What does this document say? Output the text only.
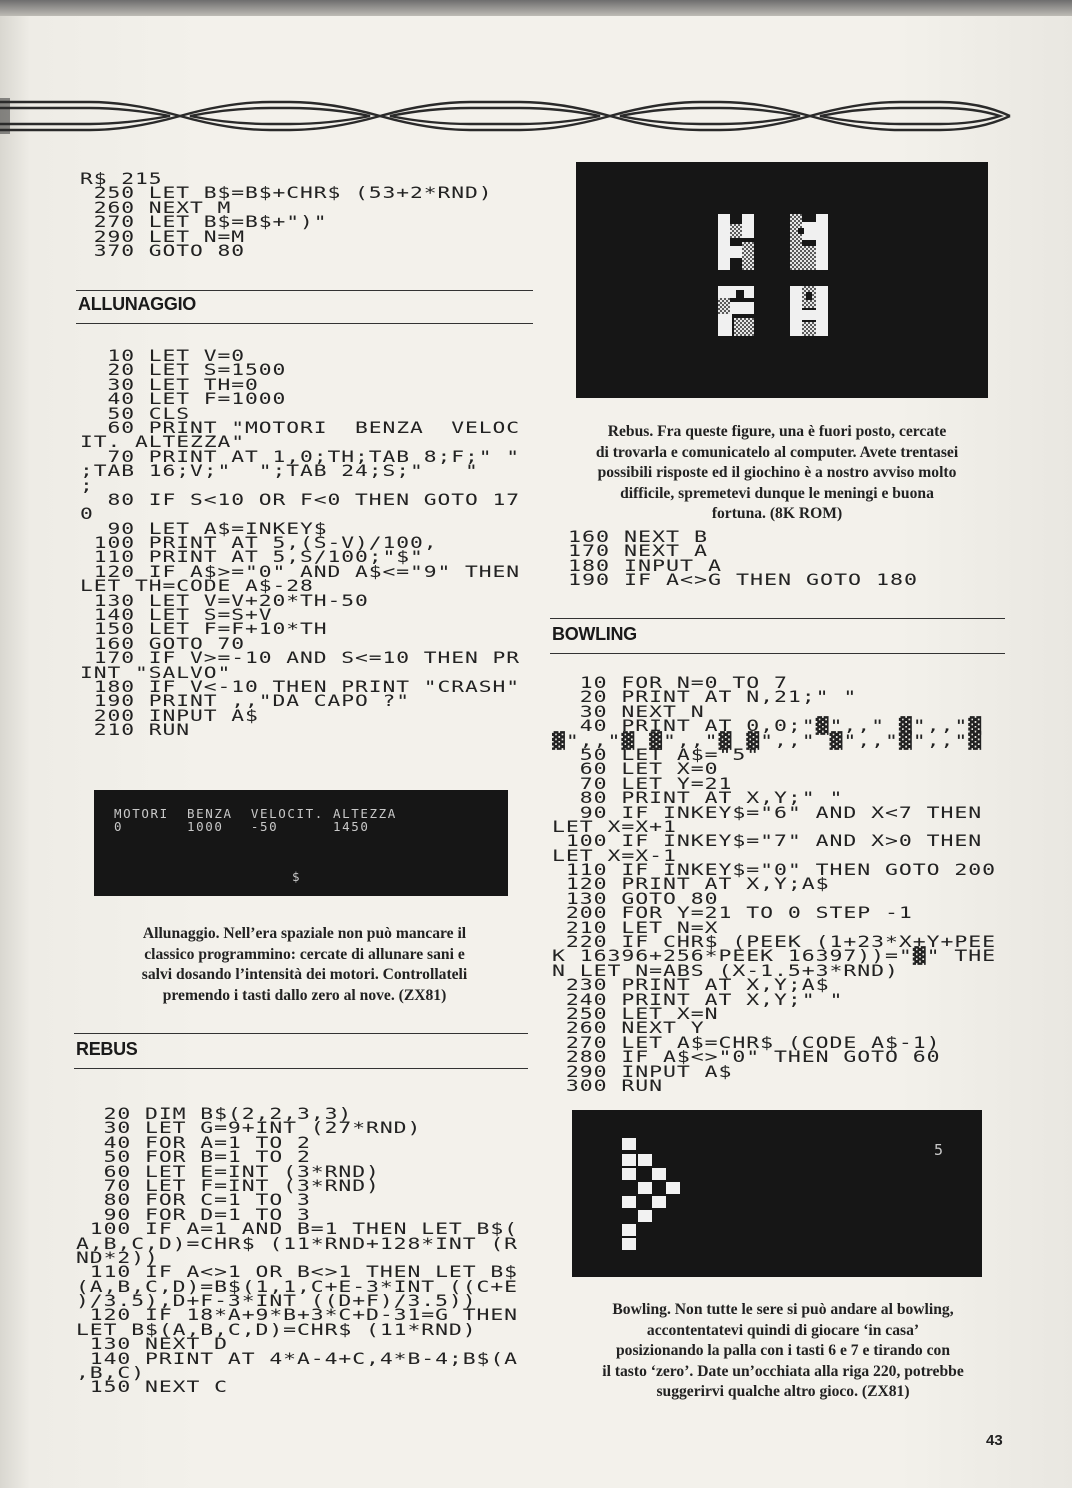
R$ 215
250 LET B$=B$+CHR$ (53+2*RND)
260 NEXT M
270 LET B$=B$+")"
290 LET N=M
370 GOTO 80
ALLUNAGGIO
10 LET V=0
20 LET S=1500
30 LET TH=0
40 LET F=1000
50 CLS
60 PRINT "MOTORI  BENZA  VELOC
IT. ALTEZZA"
70 PRINT AT 1,0;TH;TAB 8;F;" "
;TAB 16;V;"  ";TAB 24;S;"   "
;
80 IF S<10 OR F<0 THEN GOTO 17
0
90 LET A$=INKEY$
100 PRINT AT 5,(S-V)/100,
110 PRINT AT 5,S/100;"$"
120 IF A$>="0" AND A$<="9" THEN
LET TH=CODE A$-28
130 LET V=V+20*TH-50
140 LET S=S+V
150 LET F=F+10*TH
160 GOTO 70
170 IF V>=-10 AND S<=10 THEN PR
INT "SALVO"
180 IF V<-10 THEN PRINT "CRASH"
190 PRINT ,,"DA CAPO ?"
200 INPUT A$
210 RUN
MOTORI  BENZA  VELOCIT. ALTEZZA
0       1000   -50      1450
$
Allunaggio. Nell’era spaziale non può mancare il
classico programmino: cercate di allunare sani e
salvi dosando l’intensità dei motori. Controllateli
premendo i tasti dallo zero al nove. (ZX81)
REBUS
20 DIM B$(2,2,3,3)
30 LET G=9+INT (27*RND)
40 FOR A=1 TO 2
50 FOR B=1 TO 2
60 LET E=INT (3*RND)
70 LET F=INT (3*RND)
80 FOR C=1 TO 3
90 FOR D=1 TO 3
100 IF A=1 AND B=1 THEN LET B$(
A,B,C,D)=CHR$ (11*RND+128*INT (R
ND*2))
110 IF A<>1 OR B<>1 THEN LET B$
(A,B,C,D)=B$(1,1,C+E-3*INT ((C+E
)/3.5),D+F-3*INT ((D+F)/3.5))
120 IF 18*A+9*B+3*C+D-31=G THEN
LET B$(A,B,C,D)=CHR$ (11*RND)
130 NEXT D
140 PRINT AT 4*A-4+C,4*B-4;B$(A
,B,C)
150 NEXT C
Rebus. Fra queste figure, una è fuori posto, cercate
di trovarla e comunicatelo al computer. Avete trentasei
possibili risposte ed il giochino è a nostro avviso molto
difficile, spremetevi dunque le meningi e buona
fortuna. (8K ROM)
160 NEXT B
170 NEXT A
180 INPUT A
190 IF A<>G THEN GOTO 180
BOWLING
10 FOR N=0 TO 7
20 PRINT AT N,21;" "
30 NEXT N
40 PRINT AT 0,0;"▓",," ▓",,"▓
▓",,"▓ ▓",,"▓ ▓",," ▓",,"▓",,"▓
50 LET A$="5"
60 LET X=0
70 LET Y=21
80 PRINT AT X,Y;" "
90 IF INKEY$="6" AND X<7 THEN
LET X=X+1
100 IF INKEY$="7" AND X>0 THEN
LET X=X-1
110 IF INKEY$="0" THEN GOTO 200
120 PRINT AT X,Y;A$
130 GOTO 80
200 FOR Y=21 TO 0 STEP -1
210 LET N=X
220 IF CHR$ (PEEK (1+23*X+Y+PEE
K 16396+256*PEEK 16397))="▓" THE
N LET N=ABS (X-1.5+3*RND)
230 PRINT AT X,Y;A$
240 PRINT AT X,Y;" "
250 LET X=N
260 NEXT Y
270 LET A$=CHR$ (CODE A$-1)
280 IF A$<>"0" THEN GOTO 60
290 INPUT A$
300 RUN
5
Bowling. Non tutte le sere si può andare al bowling,
accontentatevi quindi di giocare ‘in casa’
posizionando la palla con i tasti 6 e 7 e tirando con
il tasto ‘zero’. Date un’occhiata alla riga 220, potrebbe
suggerirvi qualche altro gioco. (ZX81)
43
